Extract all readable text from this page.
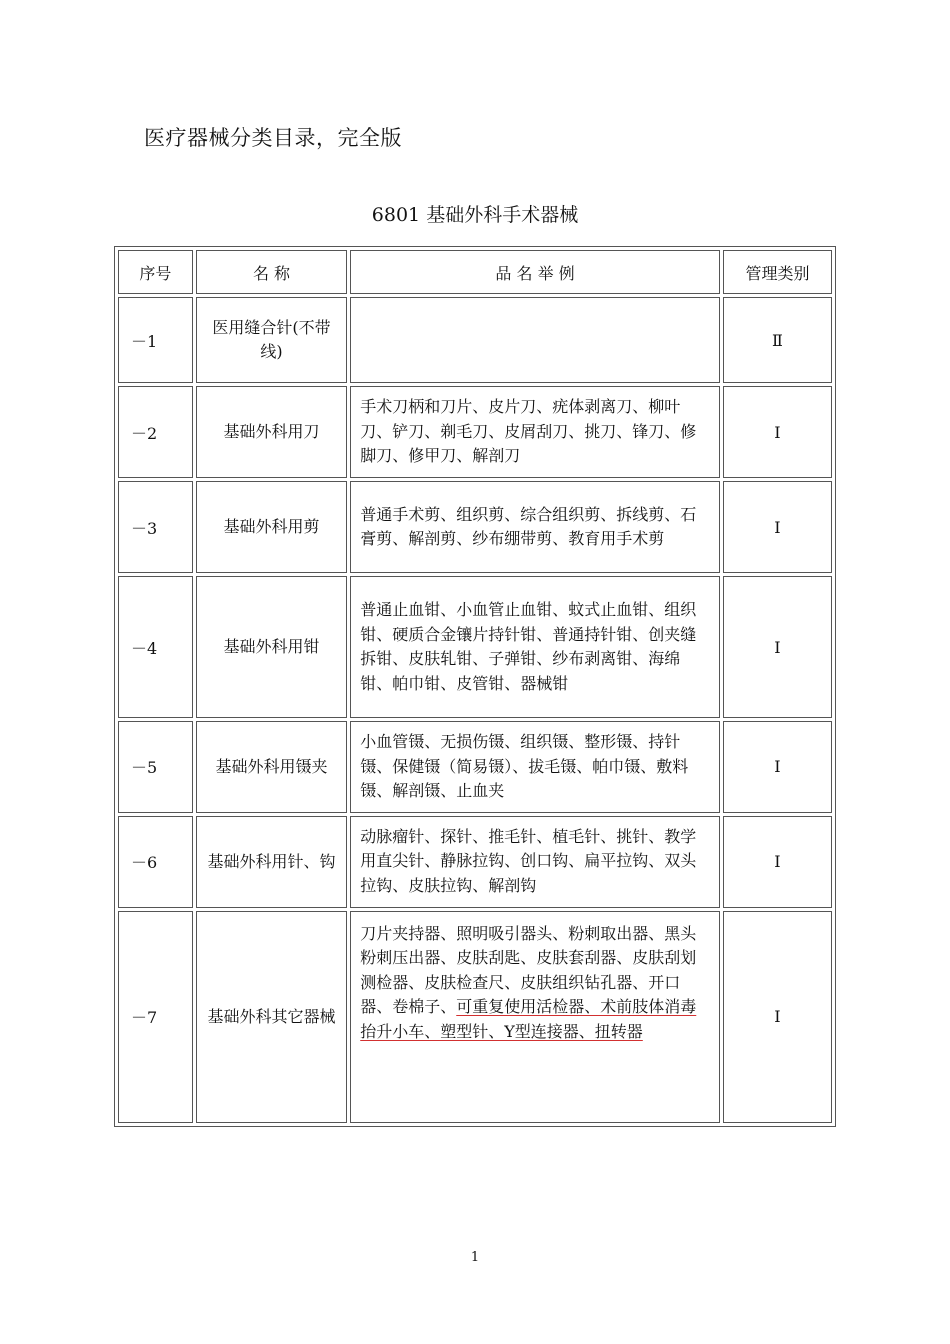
医疗器械分类目录，完全版
6801 基础外科手术器械
序号	名 称	品 名 举 例	管理类别
－1	医用缝合针(不带线)		Ⅱ
－2	基础外科用刀	手术刀柄和刀片、皮片刀、疣体剥离刀、柳叶刀、铲刀、剃毛刀、皮屑刮刀、挑刀、锋刀、修脚刀、修甲刀、解剖刀	Ⅰ
－3	基础外科用剪	普通手术剪、组织剪、综合组织剪、拆线剪、石膏剪、解剖剪、纱布绷带剪、教育用手术剪	Ⅰ
－4	基础外科用钳	普通止血钳、小血管止血钳、蚊式止血钳、组织钳、硬质合金镶片持针钳、普通持针钳、创夹缝拆钳、皮肤轧钳、子弹钳、纱布剥离钳、海绵钳、帕巾钳、皮管钳、器械钳	Ⅰ
－5	基础外科用镊夹	小血管镊、无损伤镊、组织镊、整形镊、持针镊、保健镊（简易镊）、拔毛镊、帕巾镊、敷料镊、解剖镊、止血夹	Ⅰ
－6	基础外科用针、钩	动脉瘤针、探针、推毛针、植毛针、挑针、教学用直尖针、静脉拉钩、创口钩、扁平拉钩、双头拉钩、皮肤拉钩、解剖钩	Ⅰ
－7	基础外科其它器械	刀片夹持器、照明吸引器头、粉刺取出器、黑头粉刺压出器、皮肤刮匙、皮肤套刮器、皮肤刮划测检器、皮肤检查尺、皮肤组织钻孔器、开口器、卷棉子、可重复使用活检器、术前肢体消毒抬升小车、塑型针、Y型连接器、扭转器	Ⅰ
1
